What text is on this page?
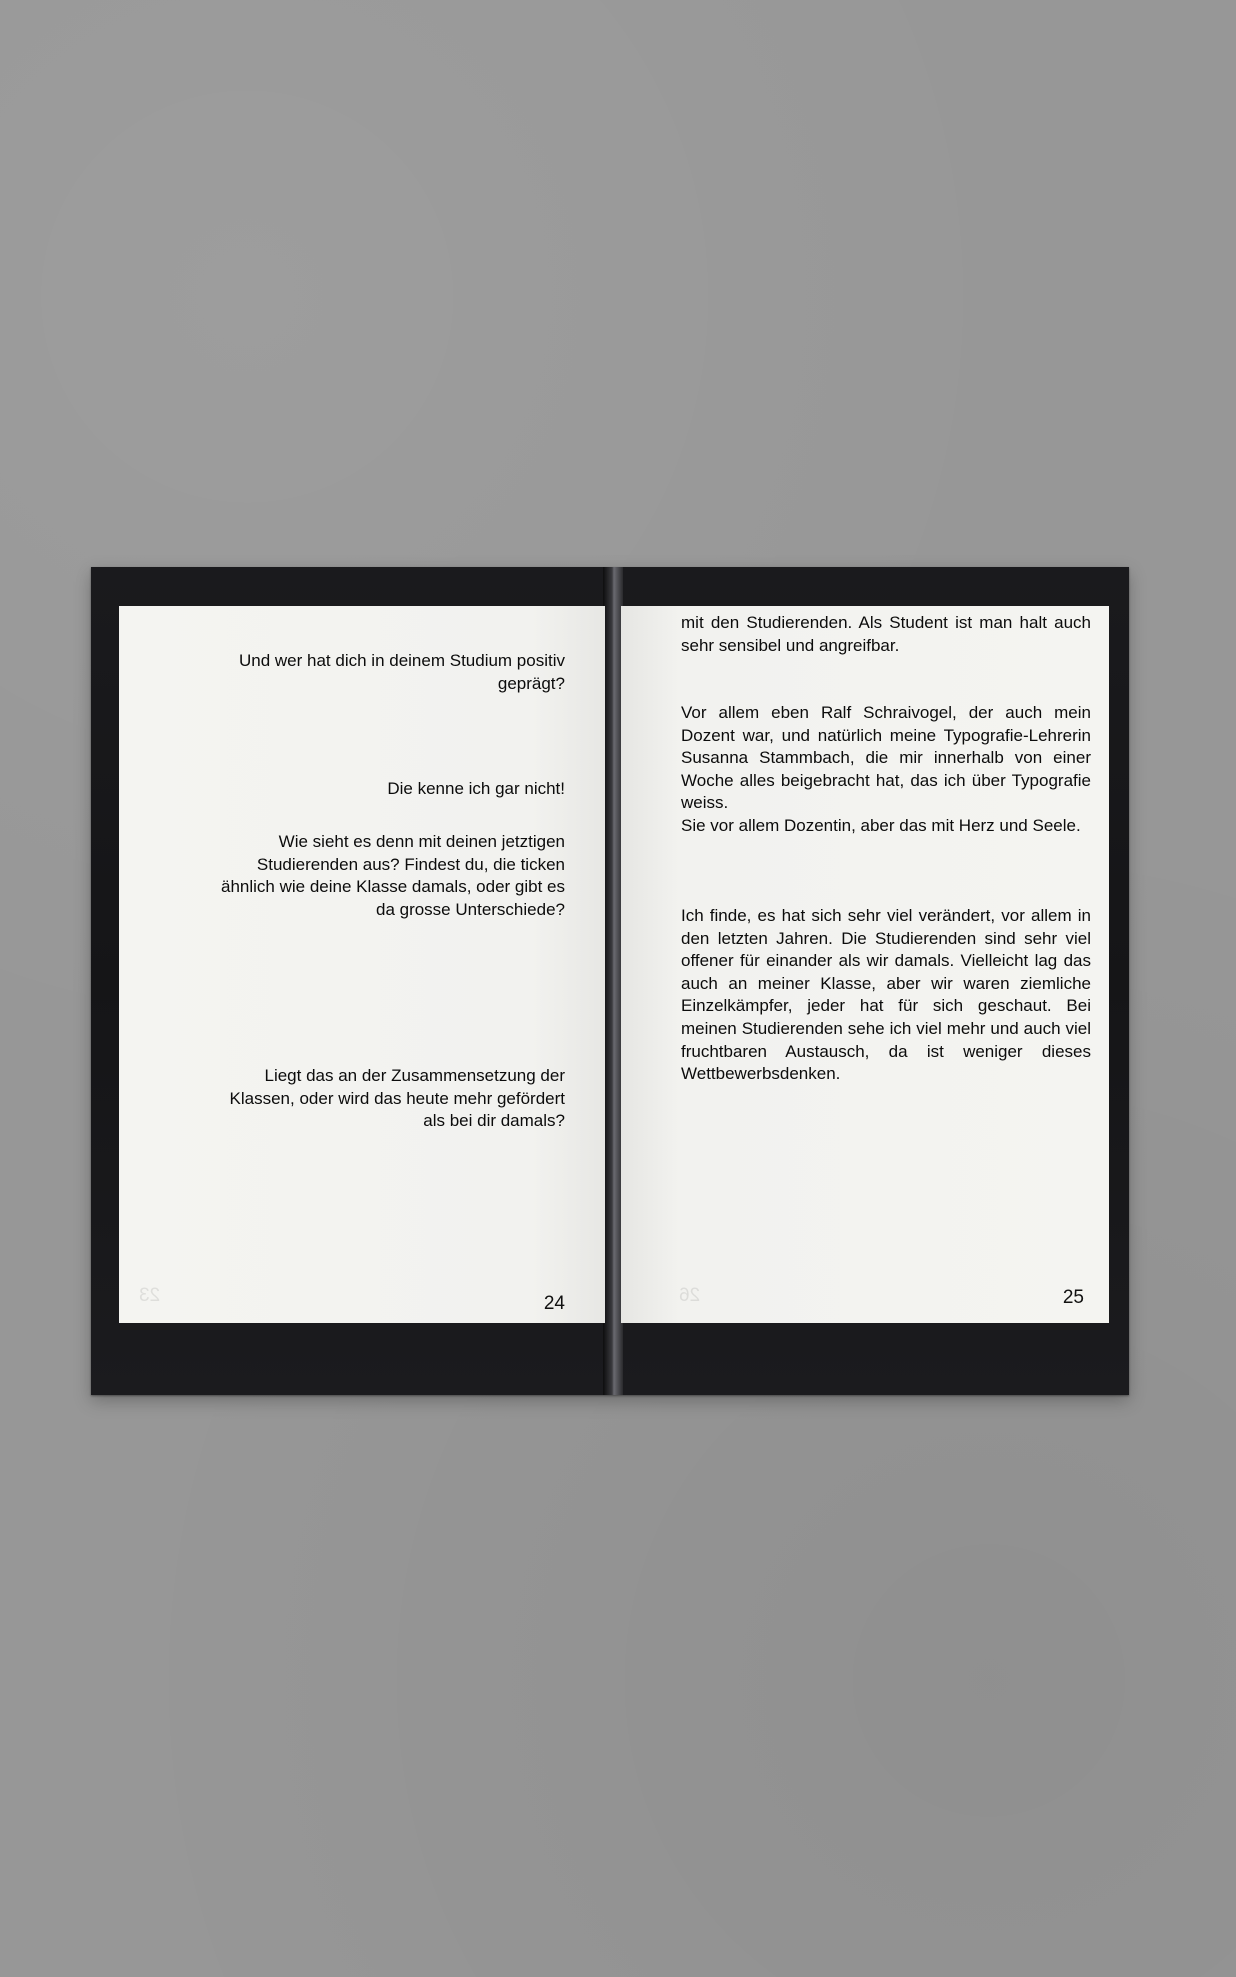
23
Und wer hat dich in deinem Studium positiv geprägt?
Die kenne ich gar nicht!
Wie sieht es denn mit deinen jetztigen Studierenden aus? Findest du, die ticken ähnlich wie deine Klasse damals, oder gibt es da grosse Unterschiede?
Liegt das an der Zusammensetzung der Klassen, oder wird das heute mehr gefördert als bei dir damals?
24	26
mit den Studierenden. Als Student ist man halt auch sehr sensibel und angreifbar.
Vor allem eben Ralf Schraivogel, der auch mein Dozent war, und natürlich meine Typografie-Lehrerin Susanna Stammbach, die mir innerhalb von einer Woche alles beigebracht hat, das ich über Typografie weiss.
Sie vor allem Dozentin, aber das mit Herz und Seele.
Ich finde, es hat sich sehr viel verändert, vor allem in den letzten Jahren. Die Studierenden sind sehr viel offener für einander als wir damals. Vielleicht lag das auch an meiner Klasse, aber wir waren ziemliche Einzelkämpfer, jeder hat für sich geschaut. Bei meinen Studierenden sehe ich viel mehr und auch viel fruchtbaren Austausch, da ist weniger dieses Wettbewerbsdenken.
25
